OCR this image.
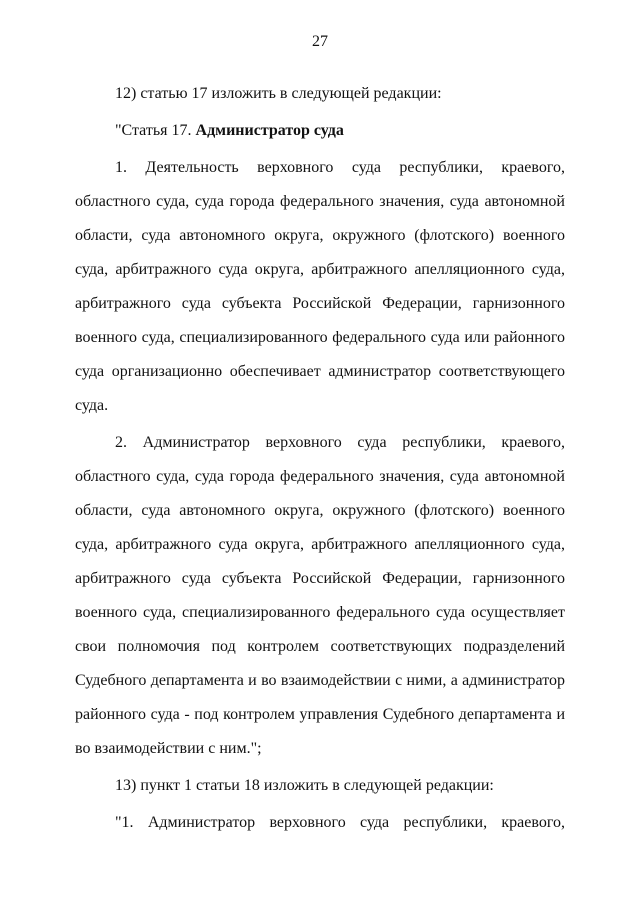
27

12) статью 17 изложить в следующей редакции:

"Статья 17. Администратор суда

1. Деятельность верховного суда республики, краевого, областного суда, суда города федерального значения, суда автономной области, суда автономного округа, окружного (флотского) военного суда, арбитражного суда округа, арбитражного апелляционного суда, арбитражного суда субъекта Российской Федерации, гарнизонного военного суда, специализированного федерального суда или районного суда организационно обеспечивает администратор соответствующего суда.

2. Администратор верховного суда республики, краевого, областного суда, суда города федерального значения, суда автономной области, суда автономного округа, окружного (флотского) военного суда, арбитражного суда округа, арбитражного апелляционного суда, арбитражного суда субъекта Российской Федерации, гарнизонного военного суда, специализированного федерального суда осуществляет свои полномочия под контролем соответствующих подразделений Судебного департамента и во взаимодействии с ними, а администратор районного суда - под контролем управления Судебного департамента и во взаимодействии с ним.";

13) пункт 1 статьи 18 изложить в следующей редакции:

"1. Администратор верховного суда республики, краевого,
